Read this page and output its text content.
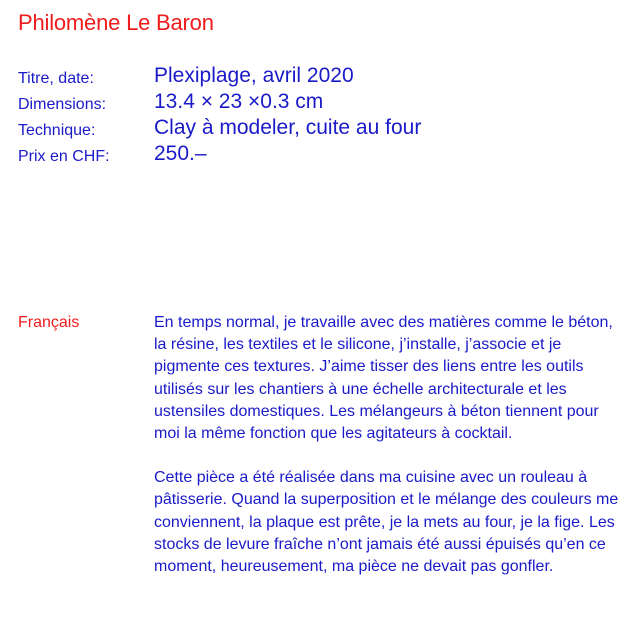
Philomène Le Baron
Titre, date:	Plexiplage, avril 2020
Dimensions:	13.4 × 23 ×0.3 cm
Technique:	Clay à modeler, cuite au four
Prix en CHF:	250.–
Français	En temps normal, je travaille avec des matières comme le béton, la résine, les textiles et le silicone, j’installe, j’associe et je pigmente ces textures. J’aime tisser des liens entre les outils utilisés sur les chantiers à une échelle architecturale et les ustensiles domestiques. Les mélangeurs à béton tiennent pour moi la même fonction que les agitateurs à cocktail.

Cette pièce a été réalisée dans ma cuisine avec un rouleau à pâtisserie. Quand la superposition et le mélange des couleurs me conviennent, la plaque est prête, je la mets au four, je la fige. Les stocks de levure fraîche n’ont jamais été aussi épuisés qu’en ce moment, heureusement, ma pièce ne devait pas gonfler.
